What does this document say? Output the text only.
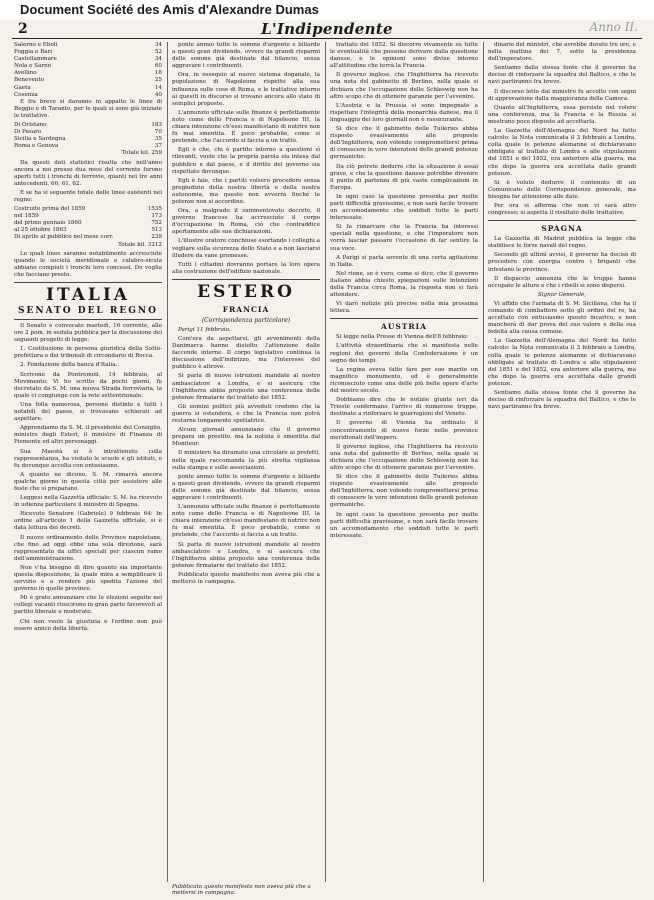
Document Société des Amis d'Alexandre Dumas
2	L'Indipendente	Anno II.
Salerno e Eboli	34
Foggia e Bari	52
Castellammare	34
Nola e Sarno	60
Avellino	18
Benevento	25
Gaeta	14
Cosenza	40

E fra breve si daranno in appalto le linee di Reggio e di Taranto, per le quali si sono già iniziate le trattative.

Di Oristano	183
Di Pesaro	70
Sicilia e Sardegna	35
Roma e Genova	37

Totale kil. 259

Da questi dati statistici risulta che nell'anno ancora a noi presso dua mesi del corrente furono aperti tutti i tronchi di ferrovie, quanti nei tre anni antecedenti, 60, 61, 62.

E se ha si seguente totale delle linee esistenti nel regno:

Costruite prima del 1859	1535
nel 1859	173
del primo gennaio 1860	752
al 25 ottobre 1863	513
Di aprile al pubblico nel mese corr.	239

Totale kil. 3212

Le quali linee saranno notabilmente accresciute quando le società meridionale e calabro-sicula abbiano compiuti i tronchi loro concessi. Do voglia che facciano presto.

ITALIA
SENATO DEL REGNO

Il Senato è convocato martedì, 16 corrente, alle ore 2 pom. in seduta pubblica per la discussione dei seguenti progetti di legge:

1. Costituzione in persona giuridica della Sotto-prefettura e dei tribunali di circondario di Rocca.

2. Fondazione della banca d'Italia.

Scrivono da Pontremoli, 14 febbraio, al Movimento: Vi ho scritto da pochi giorni, fu decretato da S. M. una nuova Strada ferroviaria, la quale ci congiunge con la rete settentrionale.

Una folla numerosa, persone distinte e tutti i notabili del paese, si trovavano schierati ad aspettare.

Apprendiamo da S. M. il presidente del Consiglio, ministro degli Esteri, il ministro di Finanza di Piemonte ed altri personaggi.

Sua Maestà si è intrattenuto colla rappresentanza, ha visitato le scuole e gli istituti, e fu dovunque accolta con entusiasmo.

A quanto ne dicono, S. M. rimarrà ancora qualche giorno in questa città per assistere alle feste che si preparano.

Leggesi nella Gazzetta ufficiale: S. M. ha ricevuto in udienza particolare il ministro di Spagna.

Ricevuto Senatore (Gabriele) 9 febbraio 64: In ordine all'articolo 1 della Gazzetta ufficiale, si è data lettura dei decreti.

Il nuovo ordinamento delle Province napoletane, che fino ad oggi ebbe una sola direzione, sarà rappresentato da uffici speciali per ciascun ramo dell'amministrazione.

Non v'ha bisogno di dire quanto sia importante questa disposizione, la quale mira a semplificare il servizio e a rendere più spedita l'azione del governo in quelle province.

Mi è grato annunziare che le elezioni seguite nei collegi vacanti riuscirono in gran parte favorevoli al partito liberale e moderato.

Chi non vuole la giustizia e l'ordine non può essere amico della libertà.

ponte annuo tutte le somme d'argento e biliardo a questi gran dividendo, ovvero da grandi risparmi delle somme già destinate dal bilancio, senza aggravare i contribuenti.

Ora, in ossequio al nuovo sistema doganale, la popolazione di Napoleone rispetto alla sua influenza sulle cose di Roma, e le trattative intorno ai quesiti in discorso si trovano ancora allo stato di semplici proposte.

L'annunzio ufficiale sulle finanze è perfettamente noto come dello Francia e di Napoleone III, la chiara intenzione ch'essi manifestano di nutrire non fu mai smentita. È poco probabile, come si pretende, che l'accordo si faccia a un tratto.

Egli è che, chi è partito intorno a questioni sì rilevanti, vuole che la propria parola sia intesa dal pubblico e dal paese, e il diritto del governo sia rispettato dovunque.

Egli è fale, che i partiti volsero procedere senza pregiudizio della nostra libertà e della nostra autonomia, ma questo non avverrà finché le potenze non si accordino.

Ora, a malgrado il summentovato decreto, il governo francese ha accresciuto il corpo d'occupazione in Roma, ciò che contraddice apertamente alle sue dichiarazioni.

L'illustre oratore conchiuse esortando i colleghi a vegliare sulla sicurezza dello Stato e a non lasciarsi illudere da vane promesse.

Tutti i cittadini dovranno portare la loro opera alla costruzione dell'edifizio nazionale.

ESTERO
FRANCIA
(Corrispondenza particolare)

Parigi 11 febbraio.

Com'era da aspettarsi, gli avvenimenti della Danimarca hanno distolto l'attenzione dalle faccende interne. Il corpo legislativo continua la discussione dell'indirizzo, ma l'interesse del pubblico è altrove.

Si parla di nuove istruzioni mandate al nostro ambasciatore a Londra, e si assicura che l'Inghilterra abbia proposto una conferenza delle potenze firmatarie del trattato del 1852.

Gli uomini politici più avveduti credono che la guerra si estenderà, e che la Francia non potrà restarne lungamente spettatrice.

Alcuni giornali annunziano che il governo prepara un prestito, ma la notizia è smentita dal Moniteur.

Il ministero ha diramato una circolare ai prefetti, nella quale raccomanda la più stretta vigilanza sulla stampa e sulle associazioni.

ponte annuo tutte le somme d'argento e biliardo a questi gran dividendo, ovvero da grandi risparmi delle somme già destinate dal bilancio, senza aggravare i contribuenti.

L'annunzio ufficiale sulle finanze è perfettamente noto come dello Francia e di Napoleone III, la chiara intenzione ch'essi manifestano di nutrire non fu mai smentita. È poco probabile, come si pretende, che l'accordo si faccia a un tratto.

Si parla di nuove istruzioni mandate al nostro ambasciatore a Londra, e si assicura che l'Inghilterra abbia proposto una conferenza delle potenze firmatarie del trattato del 1852.

Pubblicato questo manifesto non aveva più che a mettersi in campagna.

trattato del 1852. Si discorre vivamente su tutte le eventualità che possono derivare dalla questione danese, e le opinioni sono divise intorno all'attitudine che terrà la Francia.

Il governo inglese, che l'Inghilterra ha ricevuto una nota del gabinetto di Berlino, nella quale si dichiara che l'occupazione dello Schleswig non ha altro scopo che di ottenere garanzie per l'avvenire.

L'Austria e la Prussia si sono impegnate a rispettare l'integrità della monarchia danese, ma il linguaggio dei loro giornali non è rassicurante.

Si dice che il gabinetto delle Tuileries abbia risposto evasivamente alle proposte dell'Inghilterra, non volendo compromettersi prima di conoscere le vere intenzioni delle grandi potenze germaniche.

Da ciò potrete dedurre che la situazione è assai grave, e che la questione danese potrebbe divenire il punto di partenza di più vaste complicazioni in Europa.

In ogni caso la questione presenta per molte parti difficoltà gravissime, e non sarà facile trovare un accomodamento che soddisfi tutte le parti interessate.

Si fa rimarcare che la Francia ha interessi speciali nella questione, e che l'imperatore non vorrà lasciar passare l'occasione di far sentire la sua voce.

A Parigi si parla sovente di una certa agitazione in Italia.

Nel rione, se è vero, come si dice, che il governo italiano abbia chiesto spiegazioni sulle intenzioni della Francia circa Roma, la risposta non si farà attendere.

Vi darò notizie più precise nella mia prossima lettera.

AUSTRIA

Si legge nella Presse di Vienna dell'8 febbraio:

L'attività straordinaria che si manifesta nelle regioni dei governi della Confederazione è un segno dei tempi.

La regina aveva fatto fare per suo marito un magnifico monumento, ed è generalmente riconosciuto come una delle più belle opere d'arte del nostro secolo.

Dobbiamo dire che le notizie giunte ieri da Trieste confermano l'arrivo di numerose truppe, destinate a rinforzare le guarnigioni del Veneto.

Il governo di Vienna ha ordinato il concentramento di nuove forze nelle province meridionali dell'impero.

Il governo inglese, che l'Inghilterra ha ricevuto una nota del gabinetto di Berlino, nella quale si dichiara che l'occupazione dello Schleswig non ha altro scopo che di ottenere garanzie per l'avvenire.

Si dice che il gabinetto delle Tuileries abbia risposto evasivamente alle proposte dell'Inghilterra, non volendo compromettersi prima di conoscere le vere intenzioni delle grandi potenze germaniche.

In ogni caso la questione presenta per molte parti difficoltà gravissime, e non sarà facile trovare un accomodamento che soddisfi tutte le parti interessate.

dinario del ministri, che avrebbe durato tre ore, e nella mattina del 7, sotto la presidenza dell'imperatore.

Sentiamo dalla stessa fonte che il governo ha deciso di rinforzare la squadra del Baltico, e che le navi partiranno fra breve.

Il discorso letto dal ministro fu accolto con segni di approvazione dalla maggioranza della Camera.

Quanto all'Inghilterra, essa persiste nel volere una conferenza, ma la Francia e la Russia si mostrano poco disposte ad accettarla.

La Gazzetta dell'Alemagna del Nord ha fatto calcolo: la Nota comunicata il 3 febbraio a Londra, colla quale le potenze alemanne si dichiaravano obbligate al trattato di Londra e alle stipulazioni del 1851 e del 1852, era anteriore alla guerra, ma che dopo la guerra era accettata dalle grandi potenze.

Si è voluto dedurre il contenuto di un Comunicato delle Corrispondenze generale, ma bisogna far attenzione alle date.

Per ora si afferma che non vi sarà altro congresso; si aspetta il risultato delle trattative.

SPAGNA

La Gazzetta di Madrid pubblica la legge che stabilisce le forze navali del regno.

Secondo gli ultimi avvisi, il governo ha deciso di procedere con energia contro i briganti che infestano le province.

Il dispaccio annunzia che le truppe hanno occupato le alture e che i ribelli si sono dispersi.

Signor Generale,

Vi affido che l'armata di S. M. Siciliana, che ha il comando di combattere sotto gli ordini del re, ha accettato con entusiasmo questo incarico, e non mancherà di dar prova del suo valore e della sua fedeltà alla causa comune.

La Gazzetta dell'Alemagna del Nord ha fatto calcolo: la Nota comunicata il 3 febbraio a Londra, colla quale le potenze alemanne si dichiaravano obbligate al trattato di Londra e alle stipulazioni del 1851 e del 1852, era anteriore alla guerra, ma che dopo la guerra era accettata dalle grandi potenze.

Sentiamo dalla stessa fonte che il governo ha deciso di rinforzare la squadra del Baltico, e che le navi partiranno fra breve.

Pubblicato questo manifesto non aveva più che a mettersi in campagna.
